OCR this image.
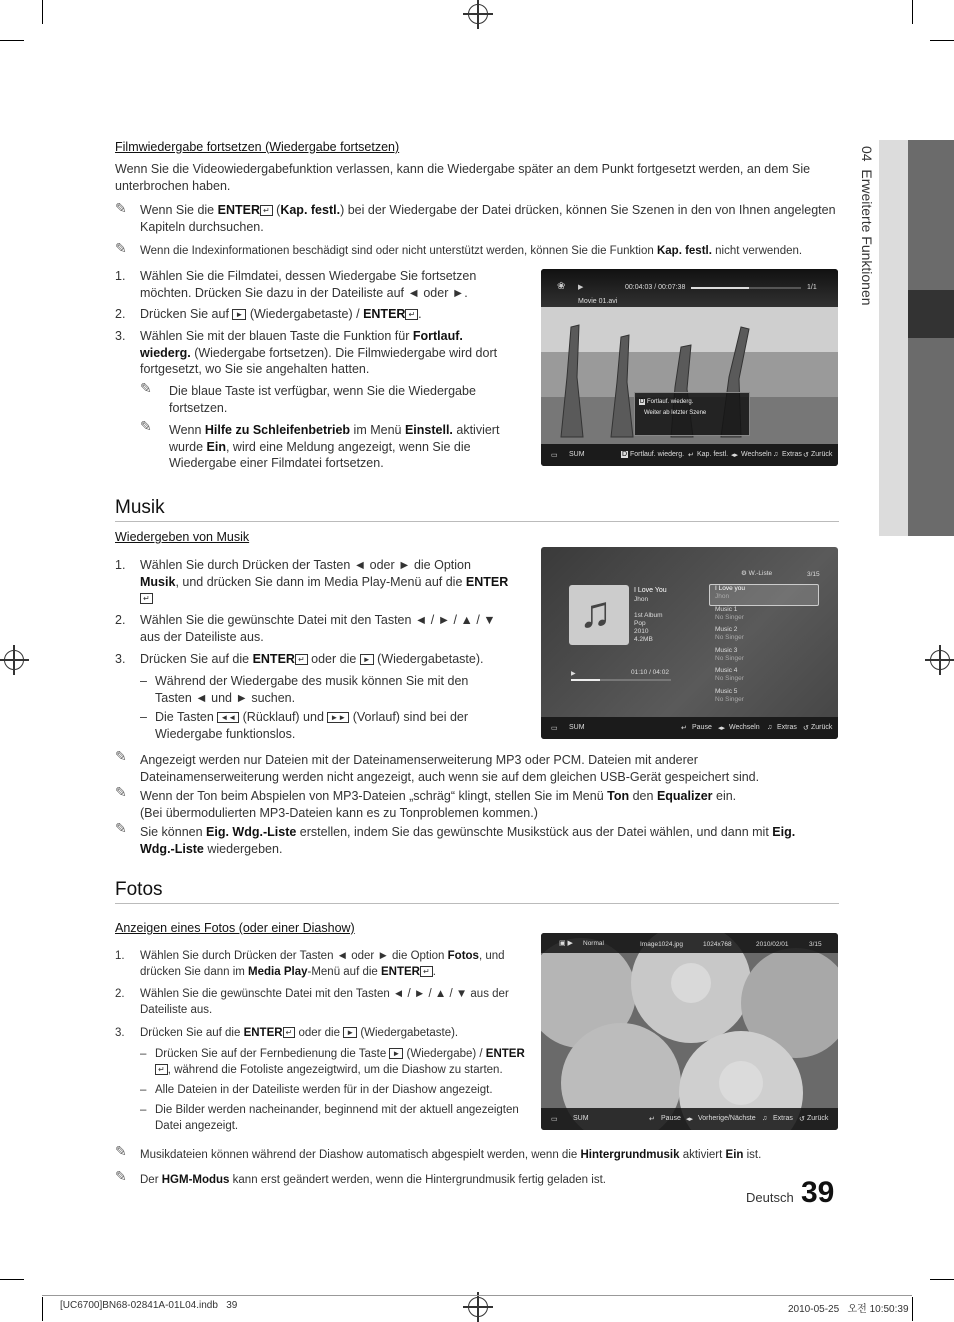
04  Erweiterte Funktionen
Filmwiedergabe fortsetzen (Wiedergabe fortsetzen)
Wenn Sie die Videowiedergabefunktion verlassen, kann die Wiedergabe später an dem Punkt fortgesetzt werden, an dem Sie unterbrochen haben.
✎ Wenn Sie die ENTER ↵ (Kap. festl.) bei der Wiedergabe der Datei drücken, können Sie Szenen in den von Ihnen angelegten Kapiteln durchsuchen.
✎ Wenn die Indexinformationen beschädigt sind oder nicht unterstützt werden, können Sie die Funktion Kap. festl. nicht verwenden.
1. Wählen Sie die Filmdatei, dessen Wiedergabe Sie fortsetzen möchten. Drücken Sie dazu in der Dateiliste auf ◄ oder ►.
2. Drücken Sie auf ► (Wiedergabetaste) / ENTER ↵ .
3. Wählen Sie mit der blauen Taste die Funktion für Fortlauf. wiederg. (Wiedergabe fortsetzen). Die Filmwiedergabe wird dort fortgesetzt, wo Sie sie angehalten hatten.
✎ Die blaue Taste ist verfügbar, wenn Sie die Wiedergabe fortsetzen.
✎ Wenn Hilfe zu Schleifenbetrieb im Menü Einstell. aktiviert wurde Ein, wird eine Meldung angezeigt, wenn Sie die Wiedergabe einer Filmdatei fortsetzen.
❀ ▶	00:04:03 / 00:07:38	1/1
Movie 01.avi
D Fortlauf. wiederg.
Weiter ab letzter Szene
▭ SUM	D Fortlauf. wiederg. ↵ Kap. festl. ◂▸ Wechseln ♫ Extras ↺ Zurück
Musik
Wiedergeben von Musik
1. Wählen Sie durch Drücken der Tasten ◄ oder ► die Option Musik, und drücken Sie dann im Media Play-Menü auf die ENTER↵
2. Wählen Sie die gewünschte Datei mit den Tasten ◄ / ► / ▲ / ▼ aus der Dateiliste aus.
3. Drücken Sie auf die ENTER ↵ oder die ► (Wiedergabetaste).
– Während der Wiedergabe des musik können Sie mit den Tasten ◄ und ► suchen.
– Die Tasten ◄◄ (Rücklauf) und ►► (Vorlauf) sind bei der Wiedergabe funktionslos.
♫	I Love You
Jhon
1st Album
Pop
2010
4.2MB
▶	01:10 / 04:02
⚙ W.-Liste	3/15
I Love you
Jhon
Music 1
No Singer
Music 2
No Singer
Music 3
No Singer
Music 4
No Singer
Music 5
No Singer
▭ SUM	↵ Pause ◂▸ Wechseln ♫ Extras ↺ Zurück
✎ Angezeigt werden nur Dateien mit der Dateinamenserweiterung MP3 oder PCM. Dateien mit anderer Dateinamenserweiterung werden nicht angezeigt, auch wenn sie auf dem gleichen USB-Gerät gespeichert sind.
✎ Wenn der Ton beim Abspielen von MP3-Dateien „schräg“ klingt, stellen Sie im Menü Ton den Equalizer ein.
(Bei übermodulierten MP3-Dateien kann es zu Tonproblemen kommen.)
✎ Sie können Eig. Wdg.-Liste erstellen, indem Sie das gewünschte Musikstück aus der Datei wählen, und dann mit Eig. Wdg.-Liste wiedergeben.
Fotos
Anzeigen eines Fotos (oder einer Diashow)
1. Wählen Sie durch Drücken der Tasten ◄ oder ► die Option Fotos, und drücken Sie dann im Media Play-Menü auf die ENTER ↵ .
2. Wählen Sie die gewünschte Datei mit den Tasten ◄ / ► / ▲ / ▼ aus der Dateiliste aus.
3. Drücken Sie auf die ENTER ↵ oder die ► (Wiedergabetaste).
– Drücken Sie auf der Fernbedienung die Taste ► (Wiedergabe) / ENTER↵ , während die Fotoliste angezeigtwird, um die Diashow zu starten.
– Alle Dateien in der Dateiliste werden für in der Diashow angezeigt.
– Die Bilder werden nacheinander, beginnend mit der aktuell angezeigten Datei angezeigt.
▣ ▶ Normal	Image1024.jpg	1024x768	2010/02/01	3/15
▭ SUM	↵ Pause ◂▸ Vorherige/Nächste ♫ Extras ↺ Zurück
✎ Musikdateien können während der Diashow automatisch abgespielt werden, wenn die Hintergrundmusik aktiviert Ein ist.
✎ Der HGM-Modus kann erst geändert werden, wenn die Hintergrundmusik fertig geladen ist.
Deutsch 39
[UC6700]BN68-02841A-01L04.indb   39	2010-05-25   오전 10:50:39
